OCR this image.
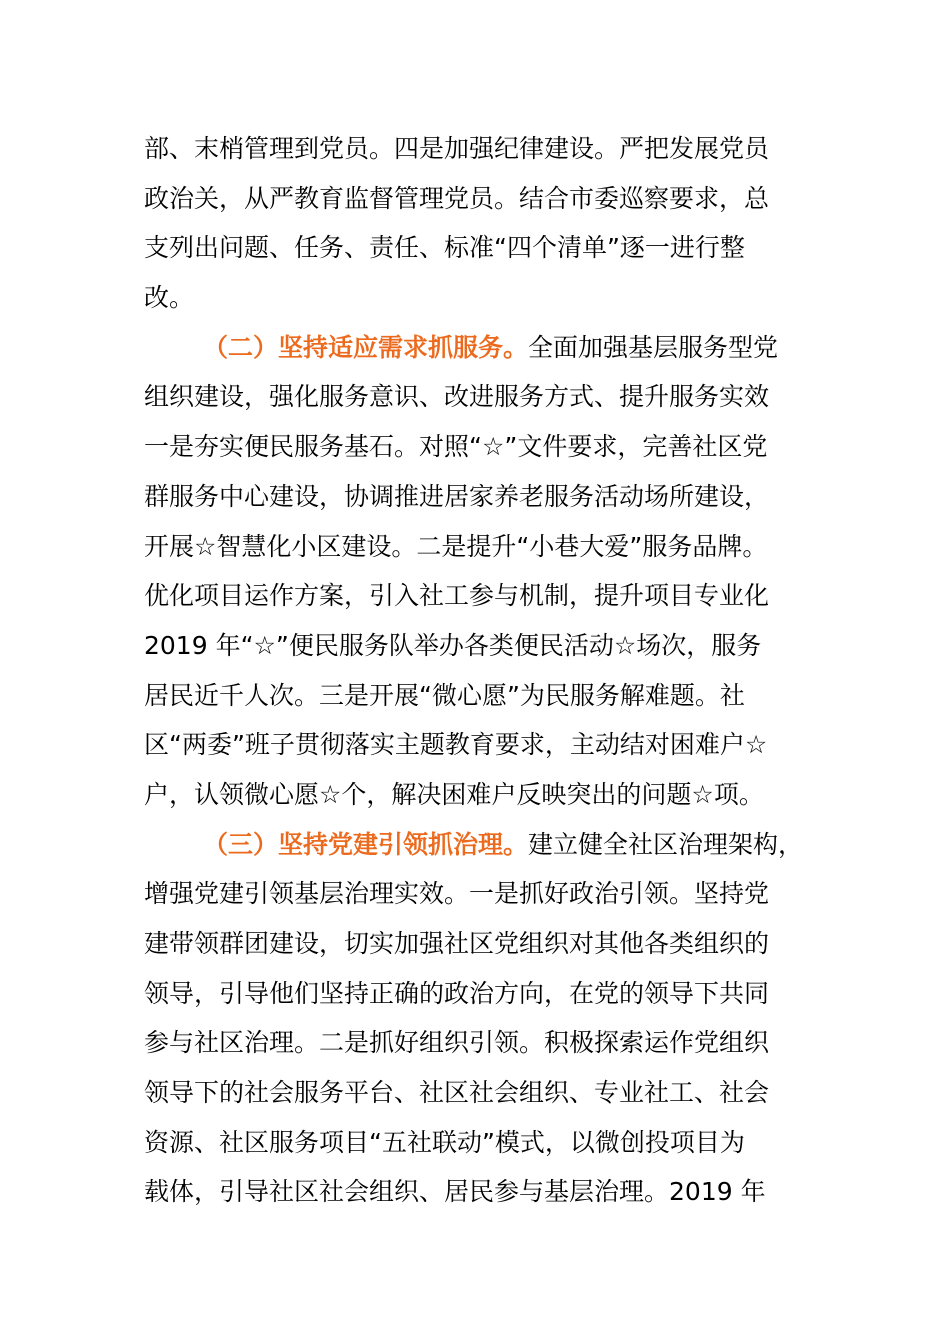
部、末梢管理到党员。四是加强纪律建设。严把发展党员
政治关，从严教育监督管理党员。结合市委巡察要求，总
支列出问题、任务、责任、标准“四个清单”逐一进行整
改。
（二）坚持适应需求抓服务。全面加强基层服务型党
组织建设，强化服务意识、改进服务方式、提升服务实效
一是夯实便民服务基石。对照“☆”文件要求，完善社区党
群服务中心建设，协调推进居家养老服务活动场所建设，
开展☆智慧化小区建设。二是提升“小巷大爱”服务品牌。
优化项目运作方案，引入社工参与机制，提升项目专业化
2019 年“☆”便民服务队举办各类便民活动☆场次，服务
居民近千人次。三是开展“微心愿”为民服务解难题。社
区“两委”班子贯彻落实主题教育要求，主动结对困难户☆
户，认领微心愿☆个，解决困难户反映突出的问题☆项。
（三）坚持党建引领抓治理。建立健全社区治理架构，
增强党建引领基层治理实效。一是抓好政治引领。坚持党
建带领群团建设，切实加强社区党组织对其他各类组织的
领导，引导他们坚持正确的政治方向，在党的领导下共同
参与社区治理。二是抓好组织引领。积极探索运作党组织
领导下的社会服务平台、社区社会组织、专业社工、社会
资源、社区服务项目“五社联动”模式，以微创投项目为
载体，引导社区社会组织、居民参与基层治理。2019 年
